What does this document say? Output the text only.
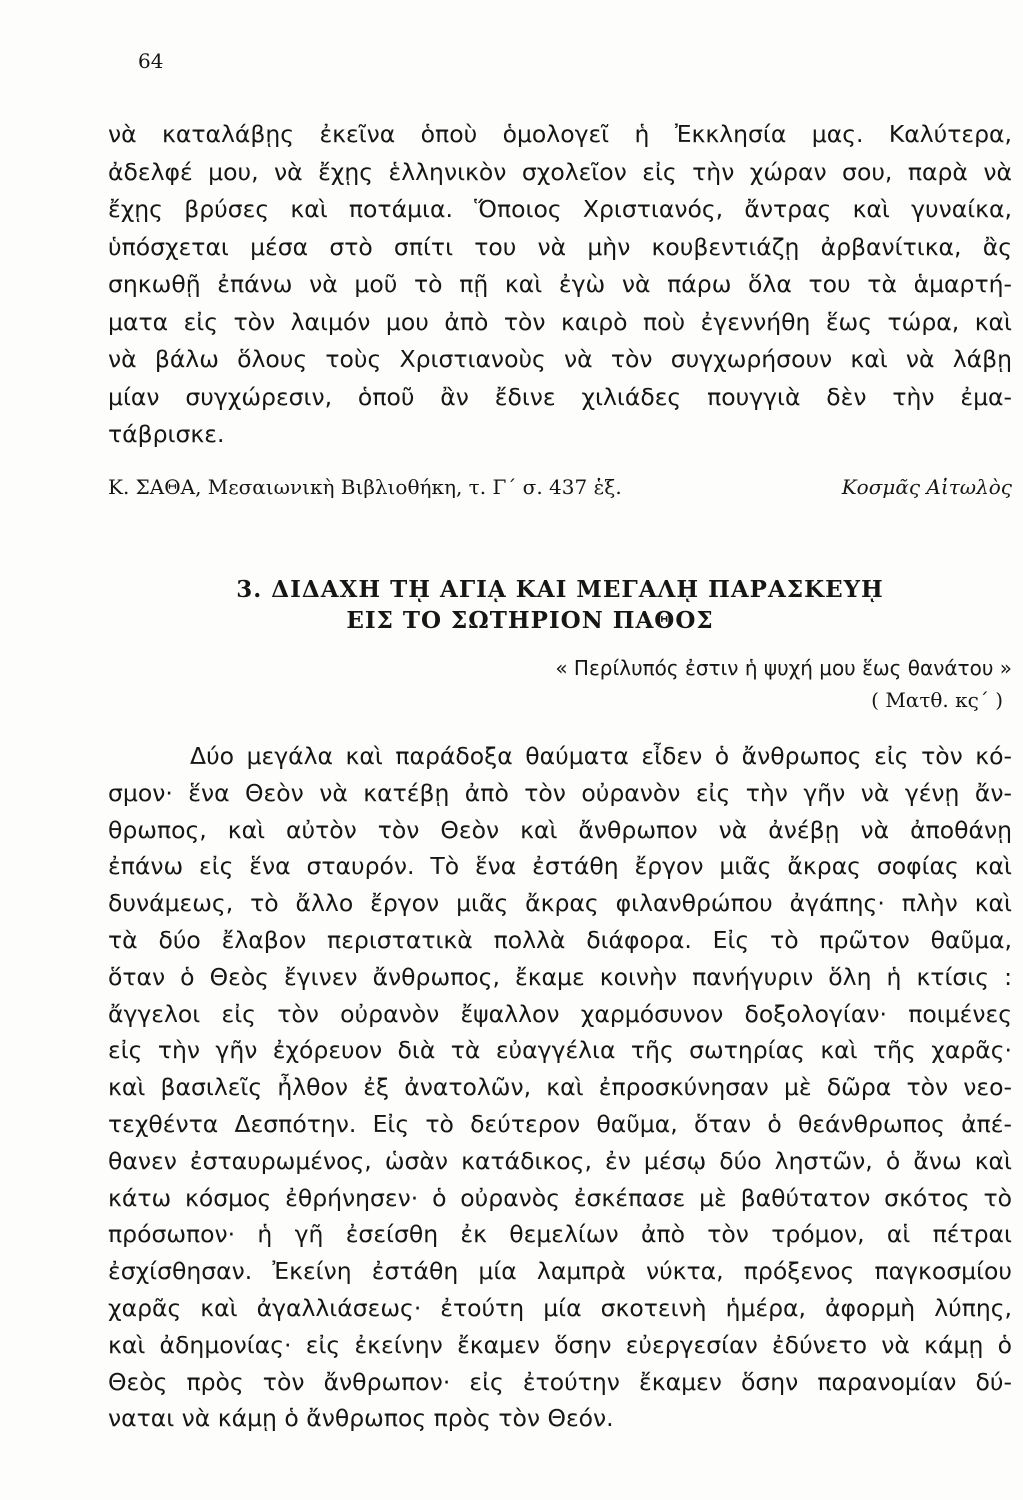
64
νὰ καταλάβῃς ἐκεῖνα ὁποὺ ὁμολογεῖ ἡ Ἐκκλησία μας. Καλύτερα,
ἀδελφέ μου, νὰ ἔχῃς ἑλληνικὸν σχολεῖον εἰς τὴν χώραν σου, παρὰ νὰ
ἔχῃς βρύσες καὶ ποτάμια. Ὅποιος Χριστιανός, ἄντρας καὶ γυναίκα,
ὑπόσχεται μέσα στὸ σπίτι του νὰ μὴν κουβεντιάζῃ ἀρβανίτικα, ἂς
σηκωθῇ ἐπάνω νὰ μοῦ τὸ πῇ καὶ ἐγὼ νὰ πάρω ὅλα του τὰ ἁμαρτή-
ματα εἰς τὸν λαιμόν μου ἀπὸ τὸν καιρὸ ποὺ ἐγεννήθη ἕως τώρα, καὶ
νὰ βάλω ὅλους τοὺς Χριστιανοὺς νὰ τὸν συγχωρήσουν καὶ νὰ λάβῃ
μίαν συγχώρεσιν, ὁποῦ ἂν ἔδινε χιλιάδες πουγγιὰ δὲν τὴν ἐμα-
τάβρισκε.
Κ. ΣΑΘΑ, Μεσαιωνικὴ Βιβλιοθήκη, τ. Γ΄ σ. 437 ἑξ.	Κοσμᾶς Αἰτωλὸς
3. ΔΙΔΑΧΗ Τῌ ΑΓΙᾼ ΚΑΙ ΜΕΓΑΛῌ ΠΑΡΑΣΚΕΥῌ
ΕΙΣ ΤΟ ΣΩΤΗΡΙΟΝ ΠΑΘΟΣ
« Περίλυπός ἐστιν ἡ ψυχή μου ἕως θανάτου »
( Ματθ. κς΄ )
Δύο μεγάλα καὶ παράδοξα θαύματα εἶδεν ὁ ἄνθρωπος εἰς τὸν κό-
σμον· ἕνα Θεὸν νὰ κατέβῃ ἀπὸ τὸν οὐρανὸν εἰς τὴν γῆν νὰ γένῃ ἄν-
θρωπος, καὶ αὐτὸν τὸν Θεὸν καὶ ἄνθρωπον νὰ ἀνέβῃ νὰ ἀποθάνῃ
ἐπάνω εἰς ἕνα σταυρόν. Τὸ ἕνα ἐστάθη ἔργον μιᾶς ἄκρας σοφίας καὶ
δυνάμεως, τὸ ἄλλο ἔργον μιᾶς ἄκρας φιλανθρώπου ἀγάπης· πλὴν καὶ
τὰ δύο ἔλαβον περιστατικὰ πολλὰ διάφορα. Εἰς τὸ πρῶτον θαῦμα,
ὅταν ὁ Θεὸς ἔγινεν ἄνθρωπος, ἔκαμε κοινὴν πανήγυριν ὅλη ἡ κτίσις :
ἄγγελοι εἰς τὸν οὐρανὸν ἔψαλλον χαρμόσυνον δοξολογίαν· ποιμένες
εἰς τὴν γῆν ἐχόρευον διὰ τὰ εὐαγγέλια τῆς σωτηρίας καὶ τῆς χαρᾶς·
καὶ βασιλεῖς ἦλθον ἐξ ἀνατολῶν, καὶ ἐπροσκύνησαν μὲ δῶρα τὸν νεο-
τεχθέντα Δεσπότην. Εἰς τὸ δεύτερον θαῦμα, ὅταν ὁ θεάνθρωπος ἀπέ-
θανεν ἐσταυρωμένος, ὡσὰν κατάδικος, ἐν μέσῳ δύο ληστῶν, ὁ ἄνω καὶ
κάτω κόσμος ἐθρήνησεν· ὁ οὐρανὸς ἐσκέπασε μὲ βαθύτατον σκότος τὸ
πρόσωπον· ἡ γῆ ἐσείσθη ἐκ θεμελίων ἀπὸ τὸν τρόμον, αἱ πέτραι
ἐσχίσθησαν. Ἐκείνη ἐστάθη μία λαμπρὰ νύκτα, πρόξενος παγκοσμίου
χαρᾶς καὶ ἀγαλλιάσεως· ἐτούτη μία σκοτεινὴ ἡμέρα, ἀφορμὴ λύπης,
καὶ ἀδημονίας· εἰς ἐκείνην ἔκαμεν ὅσην εὐεργεσίαν ἐδύνετο νὰ κάμῃ ὁ
Θεὸς πρὸς τὸν ἄνθρωπον· εἰς ἐτούτην ἔκαμεν ὅσην παρανομίαν δύ-
ναται νὰ κάμῃ ὁ ἄνθρωπος πρὸς τὸν Θεόν.
